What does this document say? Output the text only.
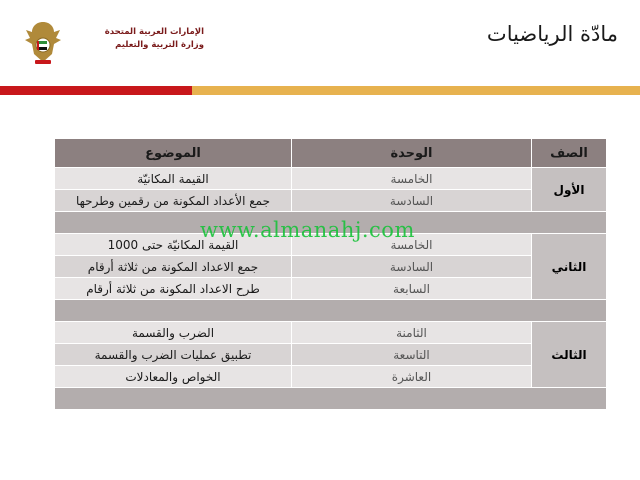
الإمارات العربية المتحدة
وزارة التربية والتعليم	مادّة الرياضيات
الصف	الوحدة	الموضوع
الأول	الخامسة	القيمة المكانيّة
	السادسة	جمع الأعداد المكونة من رقمين وطرحها

الثاني	الخامسة	القيمة المكانيّة حتى 1000
	السادسة	جمع الاعداد المكونة من ثلاثة أرقام
	السابعة	طرح الاعداد المكونة من ثلاثة أرقام

الثالث	الثامنة	الضرب والقسمة
	التاسعة	تطبيق عمليات الضرب والقسمة
	العاشرة	الخواص والمعادلات

www.almanahj.com
